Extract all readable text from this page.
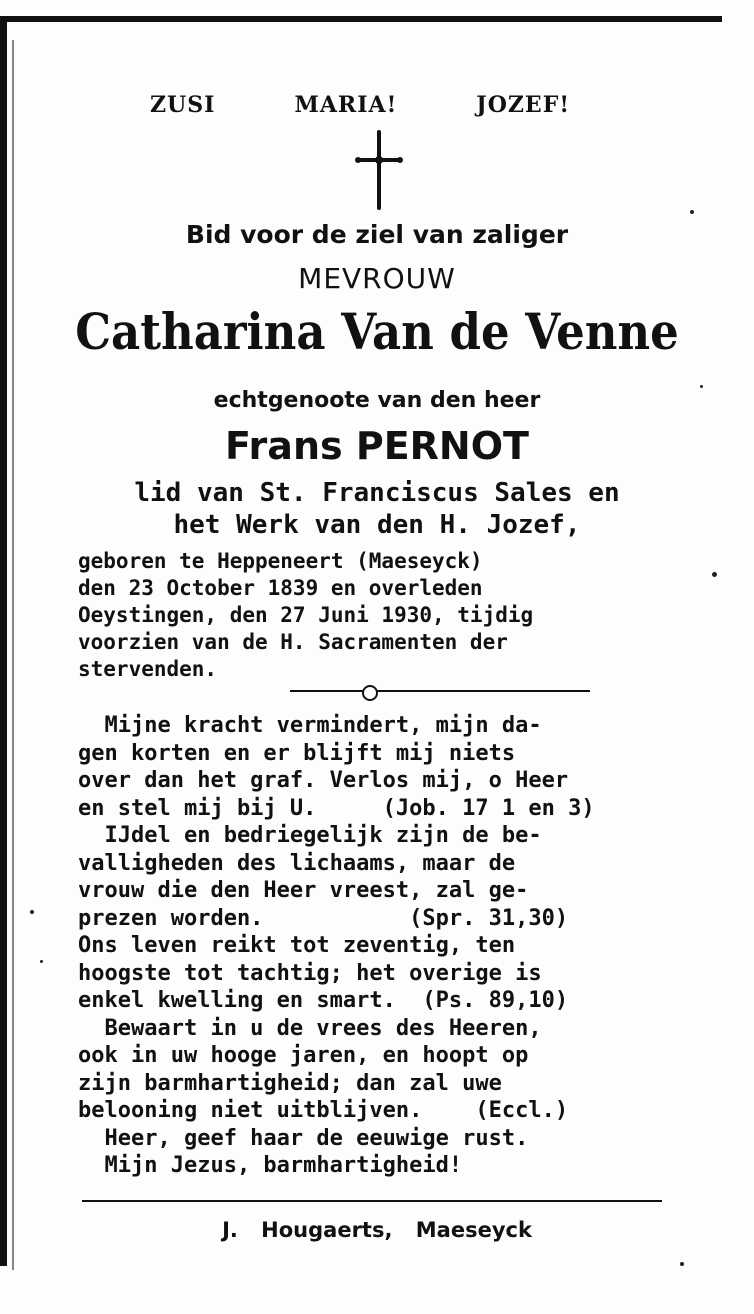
ZUSI	MARIA!	JOZEF!
Bid voor de ziel van zaliger
MEVROUW
Catharina Van de Venne
echtgenoote van den heer
Frans PERNOT
lid van St. Franciscus Sales en
het Werk van den H. Jozef,
geboren te Heppeneert (Maeseyck)
den 23 October 1839 en overleden
Oeystingen, den 27 Juni 1930, tijdig
voorzien van de H. Sacramenten der
stervenden.
Mijne kracht vermindert, mijn da-
gen korten en er blijft mij niets
over dan het graf. Verlos mij, o Heer
en stel mij bij U.     (Job. 17 1 en 3)
IJdel en bedriegelijk zijn de be-
valligheden des lichaams, maar de
vrouw die den Heer vreest, zal ge-
prezen worden.           (Spr. 31,30)
Ons leven reikt tot zeventig, ten
hoogste tot tachtig; het overige is
enkel kwelling en smart.  (Ps. 89,10)
Bewaart in u de vrees des Heeren,
ook in uw hooge jaren, en hoopt op
zijn barmhartigheid; dan zal uwe
belooning niet uitblijven.    (Eccl.)
Heer, geef haar de eeuwige rust.
Mijn Jezus, barmhartigheid!
J. Hougaerts, Maeseyck
